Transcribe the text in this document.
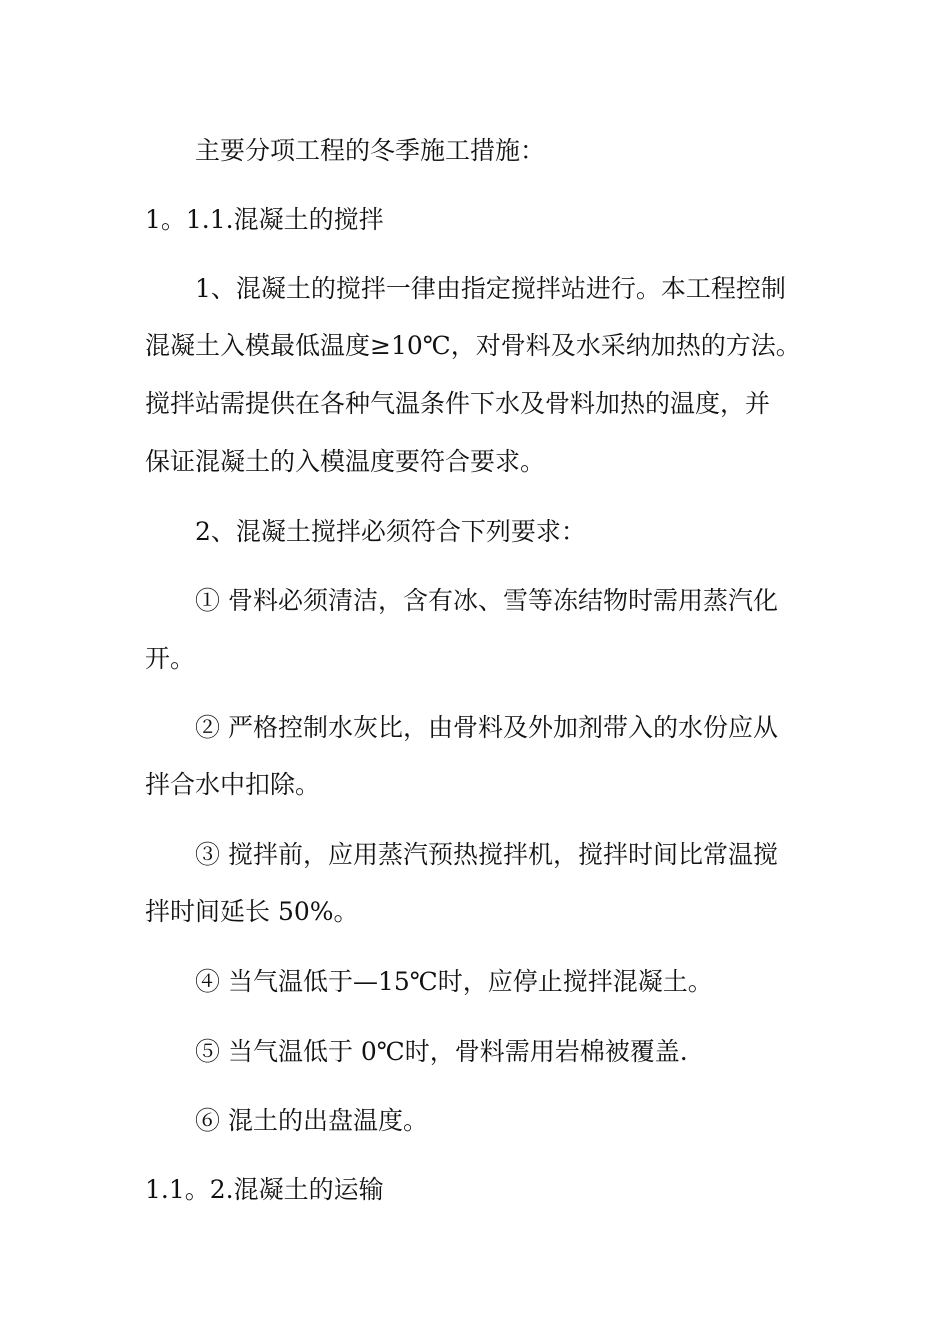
主要分项工程的冬季施工措施：
1。1.1.混凝土的搅拌
1、混凝土的搅拌一律由指定搅拌站进行。本工程控制
混凝土入模最低温度≥10℃，对骨料及水采纳加热的方法。
搅拌站需提供在各种气温条件下水及骨料加热的温度，并
保证混凝土的入模温度要符合要求。
2、混凝土搅拌必须符合下列要求：
① 骨料必须清洁，含有冰、雪等冻结物时需用蒸汽化
开。
② 严格控制水灰比，由骨料及外加剂带入的水份应从
拌合水中扣除。
③ 搅拌前，应用蒸汽预热搅拌机，搅拌时间比常温搅
拌时间延长 50%。
④ 当气温低于—15℃时，应停止搅拌混凝土。
⑤ 当气温低于 0℃时，骨料需用岩棉被覆盖.
⑥ 混土的出盘温度。
1.1。2.混凝土的运输
